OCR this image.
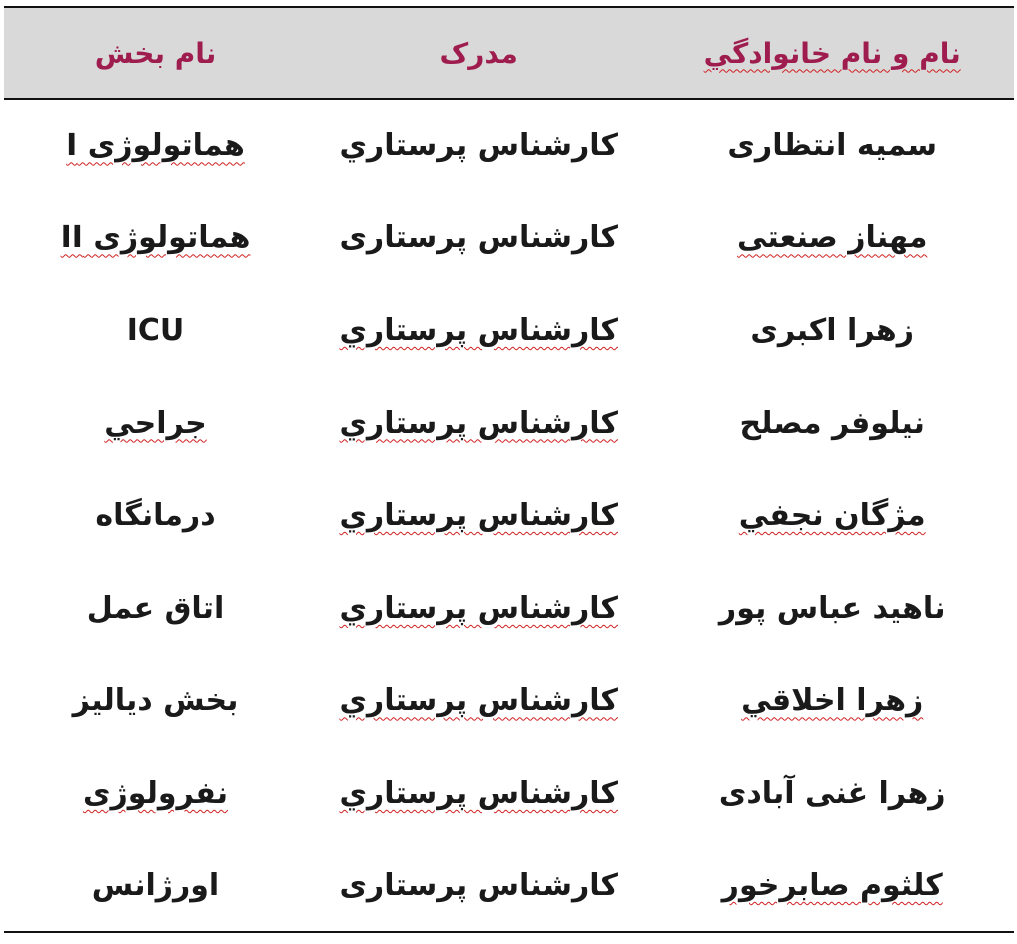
نام و نام خانوادگي	مدرک	نام بخش
سمیه انتظاری	كارشناس پرستاري	هماتولوژی I
مهناز صنعتی	كارشناس پرستاری	هماتولوژی II
زهرا اکبری	كارشناس پرستاري	ICU
نیلوفر مصلح	كارشناس پرستاري	جراحي
مژگان نجفي	كارشناس پرستاري	درمانگاه
ناهید عباس پور	كارشناس پرستاري	اتاق عمل
زهرا اخلاقي	كارشناس پرستاري	بخش دیالیز
زهرا غنی آبادی	كارشناس پرستاري	نفرولوژی
کلثوم صابرخور	كارشناس پرستاری	اورژانس
